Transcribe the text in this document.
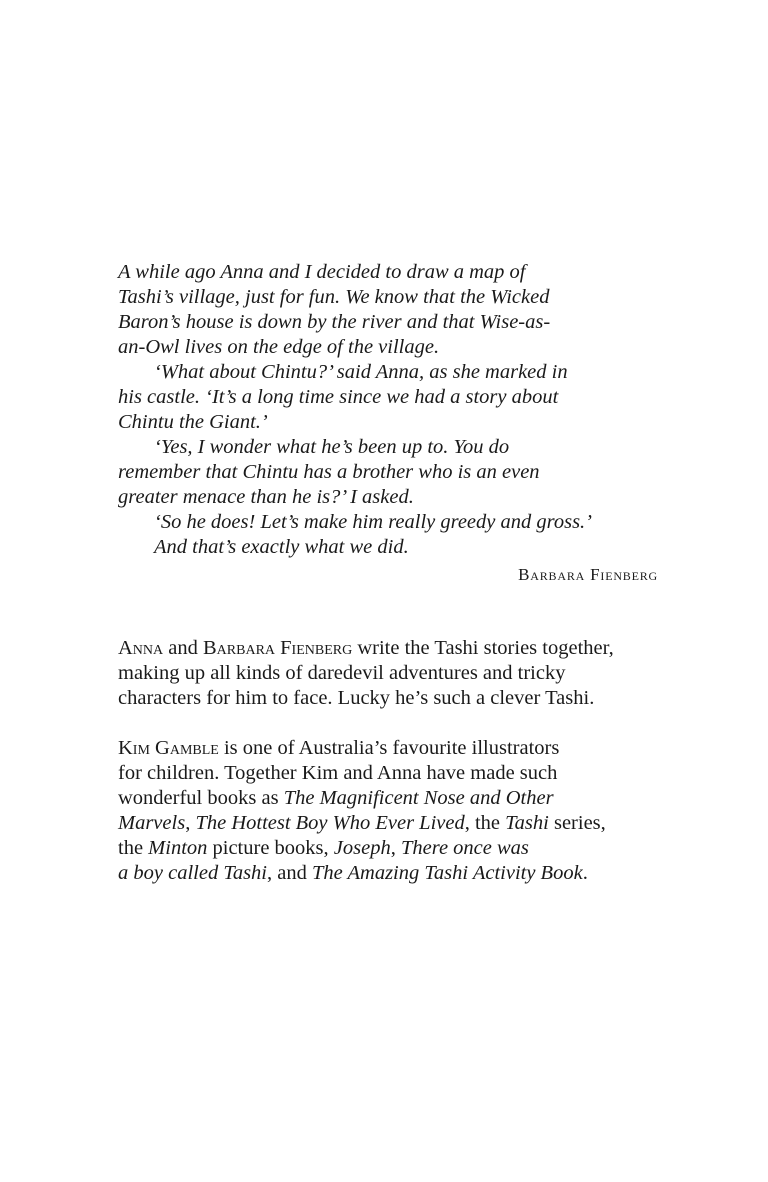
A while ago Anna and I decided to draw a map of
Tashi’s village, just for fun. We know that the Wicked
Baron’s house is down by the river and that Wise-as-
an-Owl lives on the edge of the village.
‘What about Chintu?’ said Anna, as she marked in
his castle. ‘It’s a long time since we had a story about
Chintu the Giant.’
‘Yes, I wonder what he’s been up to. You do
remember that Chintu has a brother who is an even
greater menace than he is?’ I asked.
‘So he does! Let’s make him really greedy and gross.’
And that’s exactly what we did.
Barbara Fienberg
Anna and Barbara Fienberg write the Tashi stories together,
making up all kinds of daredevil adventures and tricky
characters for him to face. Lucky he’s such a clever Tashi.
Kim Gamble is one of Australia’s favourite illustrators
for children. Together Kim and Anna have made such
wonderful books as The Magnificent Nose and Other
Marvels, The Hottest Boy Who Ever Lived, the Tashi series,
the Minton picture books, Joseph, There once was
a boy called Tashi, and The Amazing Tashi Activity Book.
